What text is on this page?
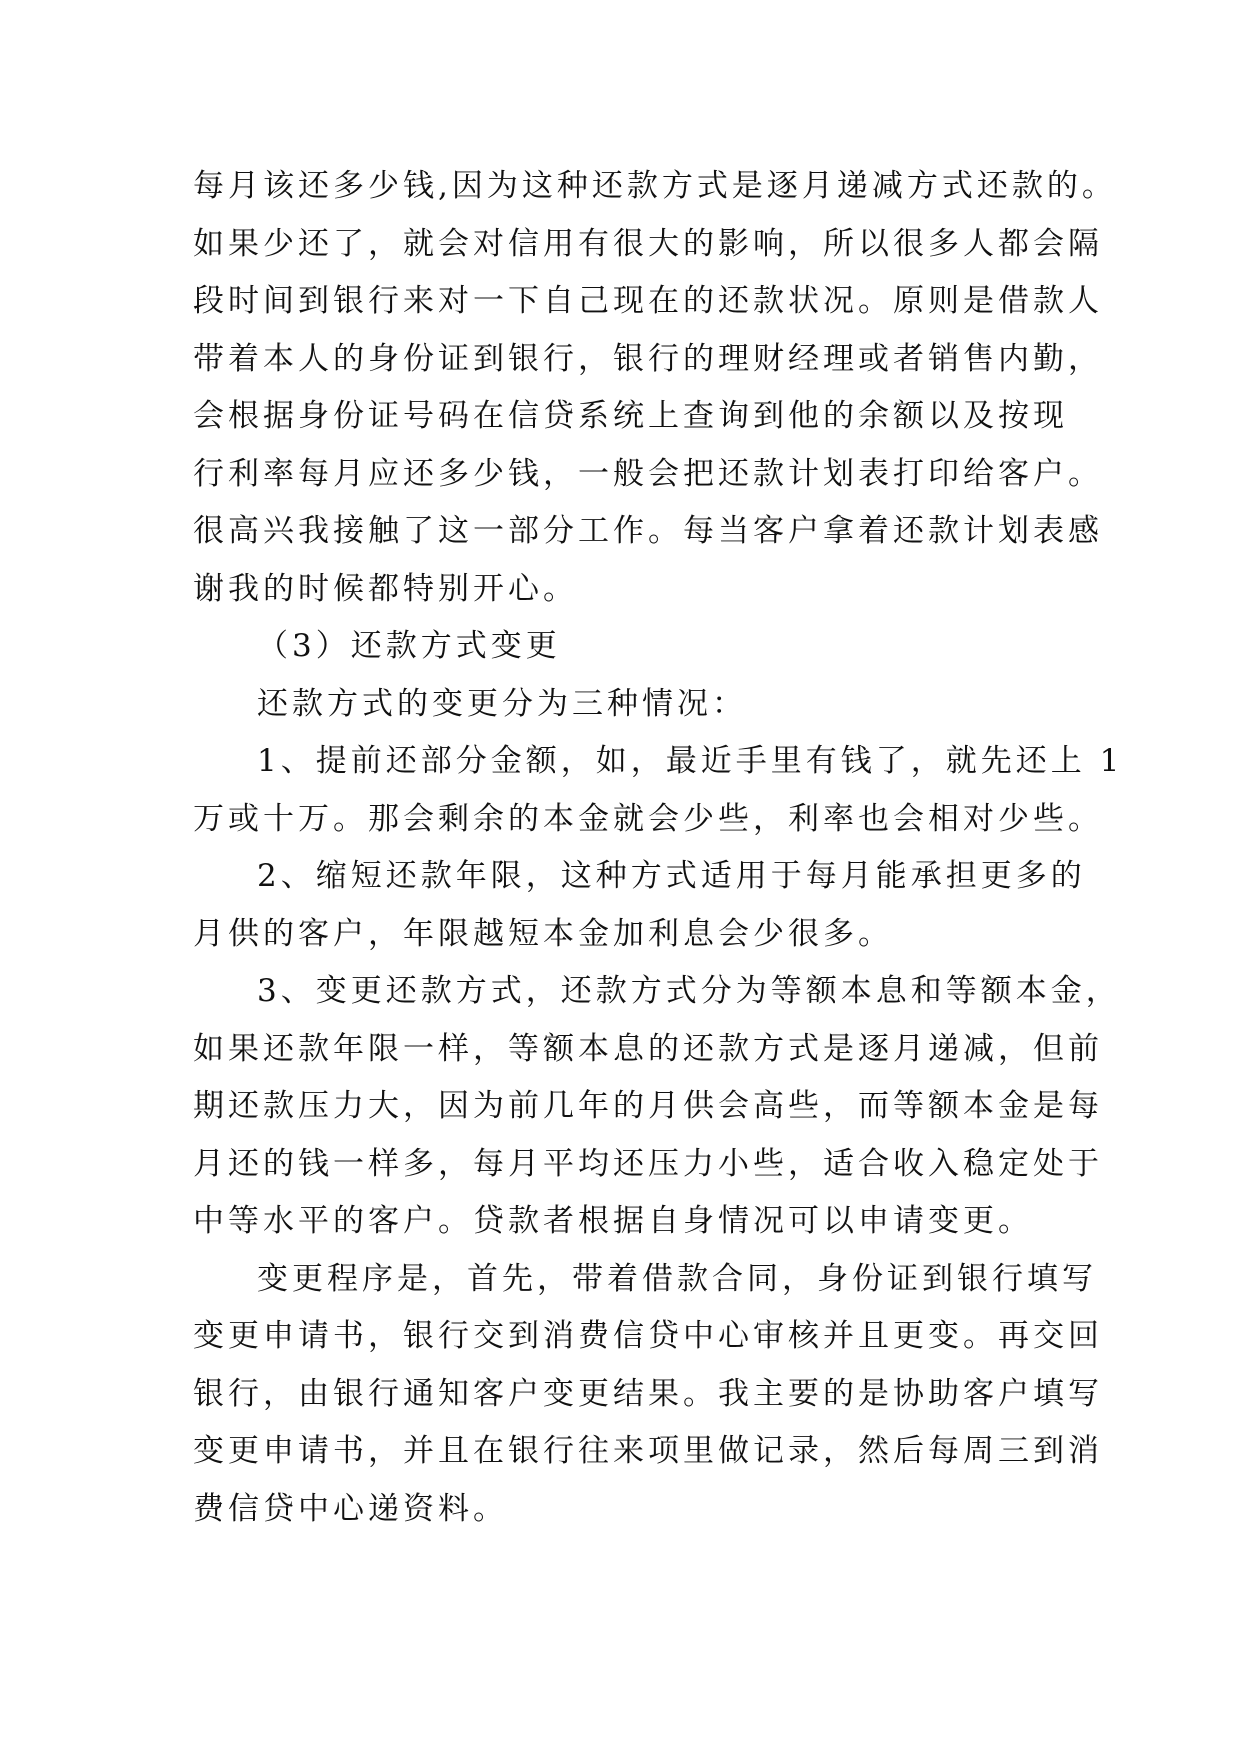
每月该还多少钱,因为这种还款方式是逐月递减方式还款的。
如果少还了，就会对信用有很大的影响，所以很多人都会隔
段时间到银行来对一下自己现在的还款状况。原则是借款人
带着本人的身份证到银行，银行的理财经理或者销售内勤，
会根据身份证号码在信贷系统上查询到他的余额以及按现
行利率每月应还多少钱，一般会把还款计划表打印给客户。
很高兴我接触了这一部分工作。每当客户拿着还款计划表感
谢我的时候都特别开心。
（3）还款方式变更
还款方式的变更分为三种情况：
1、提前还部分金额，如，最近手里有钱了，就先还上 1
万或十万。那会剩余的本金就会少些，利率也会相对少些。
2、缩短还款年限，这种方式适用于每月能承担更多的
月供的客户，年限越短本金加利息会少很多。
3、变更还款方式，还款方式分为等额本息和等额本金，
如果还款年限一样，等额本息的还款方式是逐月递减，但前
期还款压力大，因为前几年的月供会高些，而等额本金是每
月还的钱一样多，每月平均还压力小些，适合收入稳定处于
中等水平的客户。贷款者根据自身情况可以申请变更。
变更程序是，首先，带着借款合同，身份证到银行填写
变更申请书，银行交到消费信贷中心审核并且更变。再交回
银行，由银行通知客户变更结果。我主要的是协助客户填写
变更申请书，并且在银行往来项里做记录，然后每周三到消
费信贷中心递资料。
